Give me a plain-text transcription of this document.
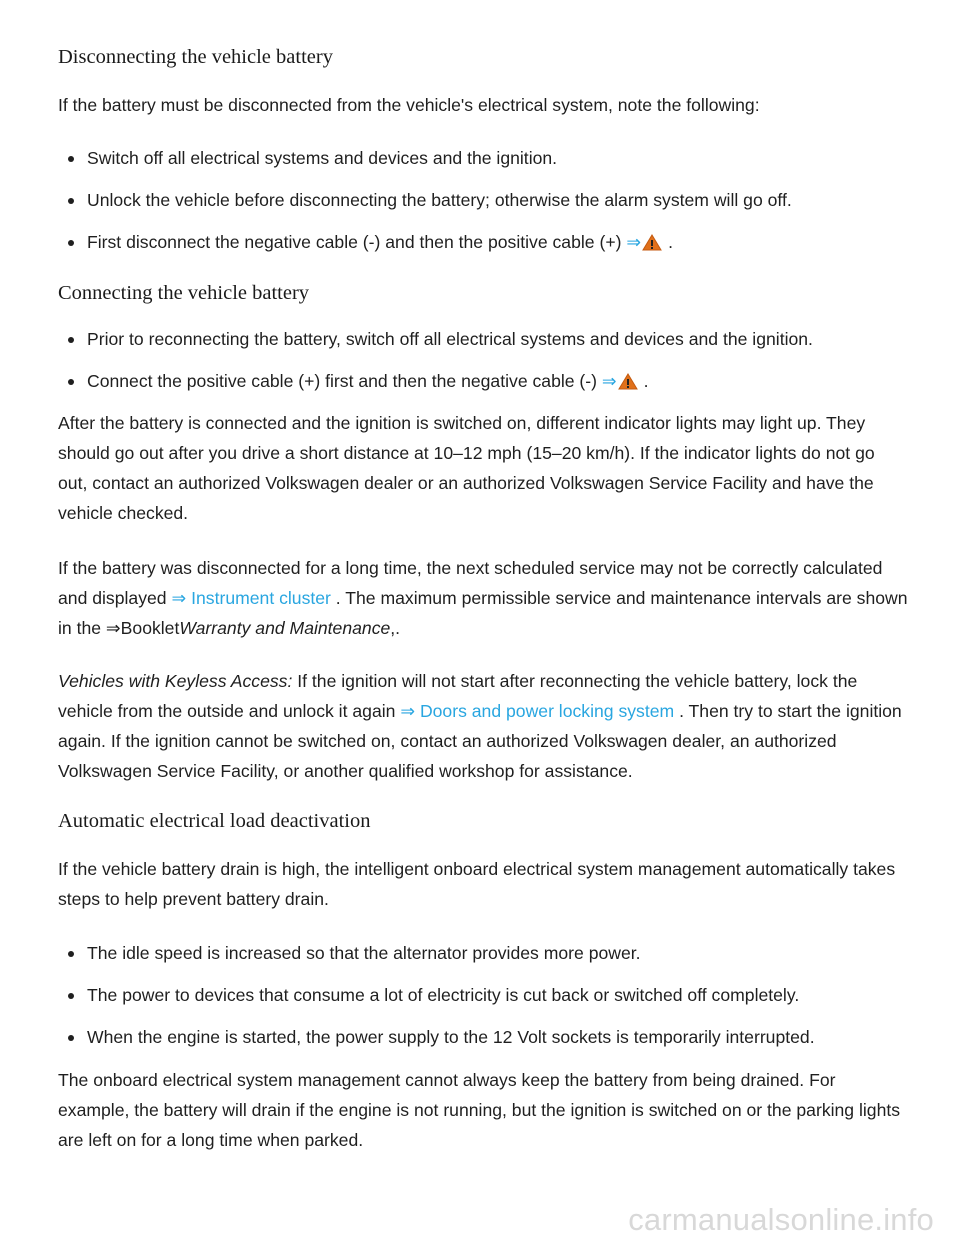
Disconnecting the vehicle battery

If the battery must be disconnected from the vehicle's electrical system, note the following:

Switch off all electrical systems and devices and the ignition.
Unlock the vehicle before disconnecting the battery; otherwise the alarm system will go off.
First disconnect the negative cable (-) and then the positive cable (+) ⇒ .
Connecting the vehicle battery
Prior to reconnecting the battery, switch off all electrical systems and devices and the ignition.
Connect the positive cable (+) first and then the negative cable (-) ⇒ .

After the battery is connected and the ignition is switched on, different indicator lights may light up. They should go out after you drive a short distance at 10–12 mph (15–20 km/h). If the indicator lights do not go out, contact an authorized Volkswagen dealer or an authorized Volkswagen Service Facility and have the vehicle checked.

If the battery was disconnected for a long time, the next scheduled service may not be correctly calculated and displayed ⇒ Instrument cluster . The maximum permissible service and maintenance intervals are shown in the ⇒BookletWarranty and Maintenance,.

Vehicles with Keyless Access: If the ignition will not start after reconnecting the vehicle battery, lock the vehicle from the outside and unlock it again ⇒ Doors and power locking system . Then try to start the ignition again. If the ignition cannot be switched on, contact an authorized Volkswagen dealer, an authorized Volkswagen Service Facility, or another qualified workshop for assistance.

Automatic electrical load deactivation

If the vehicle battery drain is high, the intelligent onboard electrical system management automatically takes steps to help prevent battery drain.

The idle speed is increased so that the alternator provides more power.
The power to devices that consume a lot of electricity is cut back or switched off completely.
When the engine is started, the power supply to the 12 Volt sockets is temporarily interrupted.

The onboard electrical system management cannot always keep the battery from being drained. For example, the battery will drain if the engine is not running, but the ignition is switched on or the parking lights are left on for a long time when parked.

carmanualsonline.info
